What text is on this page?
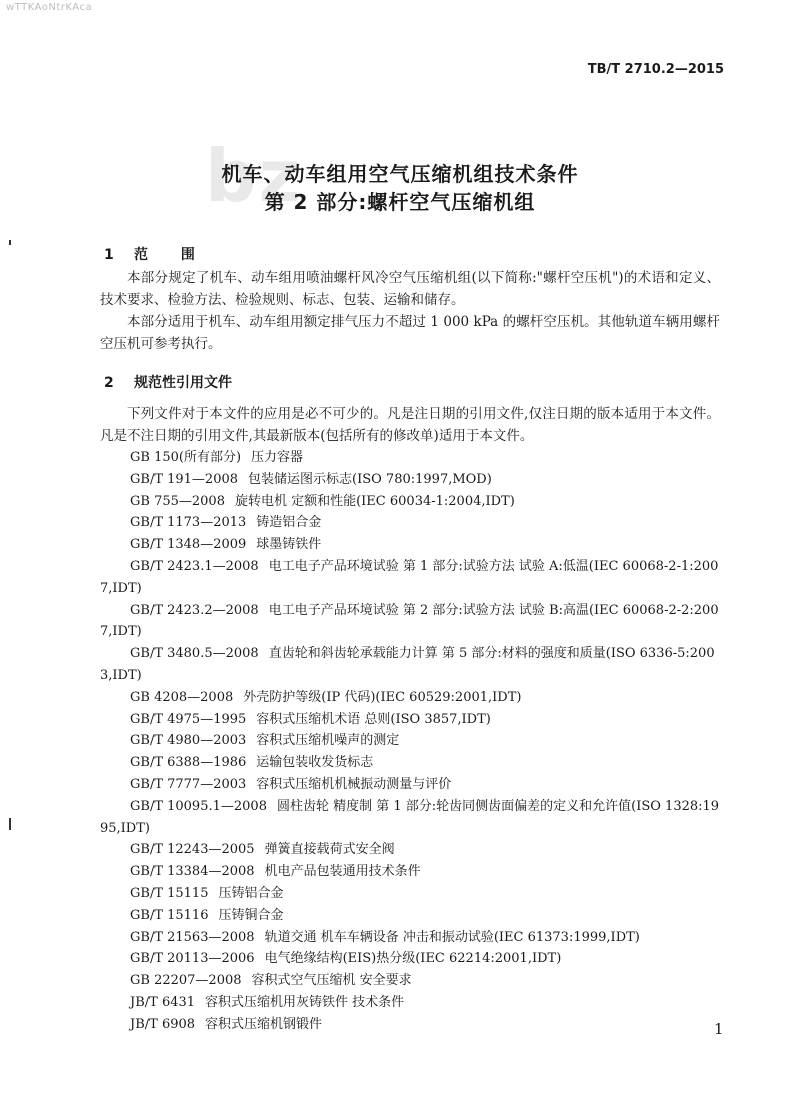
wTTKAoNtrKAca
bz
TB/T 2710.2—2015
机车、动车组用空气压缩机组技术条件
第 2 部分:螺杆空气压缩机组
1 范 围

本部分规定了机车、动车组用喷油螺杆风冷空气压缩机组(以下简称:"螺杆空压机")的术语和定义、技术要求、检验方法、检验规则、标志、包装、运输和储存。

本部分适用于机车、动车组用额定排气压力不超过 1 000 kPa 的螺杆空压机。其他轨道车辆用螺杆空压机可参考执行。

2 规范性引用文件

下列文件对于本文件的应用是必不可少的。凡是注日期的引用文件,仅注日期的版本适用于本文件。凡是不注日期的引用文件,其最新版本(包括所有的修改单)适用于本文件。

GB 150(所有部分) 压力容器
GB/T 191—2008 包装储运图示标志(ISO 780:1997,MOD)
GB 755—2008 旋转电机 定额和性能(IEC 60034-1:2004,IDT)
GB/T 1173—2013 铸造铝合金
GB/T 1348—2009 球墨铸铁件
GB/T 2423.1—2008 电工电子产品环境试验 第 1 部分:试验方法 试验 A:低温(IEC 60068-2-1:2007,IDT)
GB/T 2423.2—2008 电工电子产品环境试验 第 2 部分:试验方法 试验 B:高温(IEC 60068-2-2:2007,IDT)
GB/T 3480.5—2008 直齿轮和斜齿轮承载能力计算 第 5 部分:材料的强度和质量(ISO 6336-5:2003,IDT)
GB 4208—2008 外壳防护等级(IP 代码)(IEC 60529:2001,IDT)
GB/T 4975—1995 容积式压缩机术语 总则(ISO 3857,IDT)
GB/T 4980—2003 容积式压缩机噪声的测定
GB/T 6388—1986 运输包装收发货标志
GB/T 7777—2003 容积式压缩机机械振动测量与评价
GB/T 10095.1—2008 圆柱齿轮 精度制 第 1 部分:轮齿同侧齿面偏差的定义和允许值(ISO 1328:1995,IDT)
GB/T 12243—2005 弹簧直接载荷式安全阀
GB/T 13384—2008 机电产品包装通用技术条件
GB/T 15115 压铸铝合金
GB/T 15116 压铸铜合金
GB/T 21563—2008 轨道交通 机车车辆设备 冲击和振动试验(IEC 61373:1999,IDT)
GB/T 20113—2006 电气绝缘结构(EIS)热分级(IEC 62214:2001,IDT)
GB 22207—2008 容积式空气压缩机 安全要求
JB/T 6431 容积式压缩机用灰铸铁件 技术条件
JB/T 6908 容积式压缩机钢锻件	1
